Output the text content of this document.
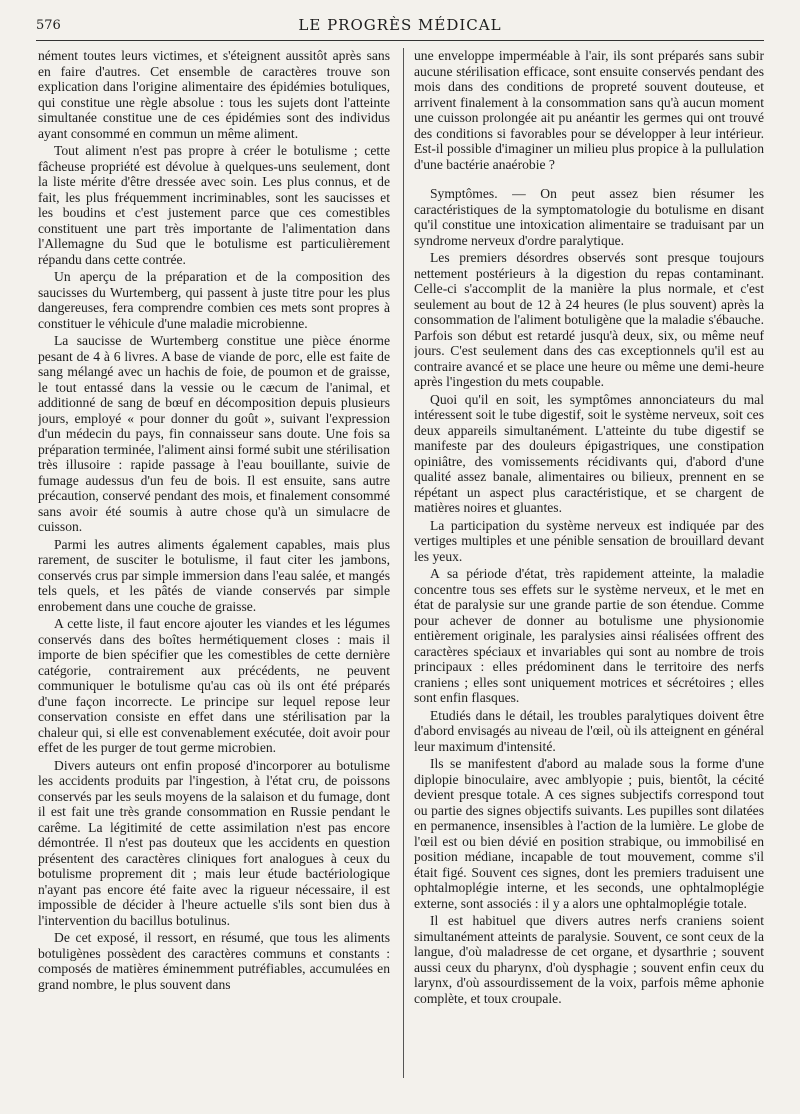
576	LE PROGRÈS MÉDICAL

nément toutes leurs victimes, et s'éteignent aussitôt après sans en faire d'autres. Cet ensemble de caractères trouve son explication dans l'origine alimentaire des épidémies botuliques, qui constitue une règle absolue : tous les sujets dont l'atteinte simultanée constitue une de ces épidémies sont des individus ayant consommé en commun un même aliment.

Tout aliment n'est pas propre à créer le botulisme ; cette fâcheuse propriété est dévolue à quelques-uns seulement, dont la liste mérite d'être dressée avec soin. Les plus connus, et de fait, les plus fréquemment incriminables, sont les saucisses et les boudins et c'est justement parce que ces comestibles constituent une part très importante de l'alimentation dans l'Allemagne du Sud que le botulisme est particulièrement répandu dans cette contrée.

Un aperçu de la préparation et de la composition des saucisses du Wurtemberg, qui passent à juste titre pour les plus dangereuses, fera comprendre combien ces mets sont propres à constituer le véhicule d'une maladie microbienne.

La saucisse de Wurtemberg constitue une pièce énorme pesant de 4 à 6 livres. A base de viande de porc, elle est faite de sang mélangé avec un hachis de foie, de poumon et de graisse, le tout entassé dans la vessie ou le cæcum de l'animal, et additionné de sang de bœuf en décomposition depuis plusieurs jours, employé « pour donner du goût », suivant l'expression d'un médecin du pays, fin connaisseur sans doute. Une fois sa préparation terminée, l'aliment ainsi formé subit une stérilisation très illusoire : rapide passage à l'eau bouillante, suivie de fumage audessus d'un feu de bois. Il est ensuite, sans autre précaution, conservé pendant des mois, et finalement consommé sans avoir été soumis à autre chose qu'à un simulacre de cuisson.

Parmi les autres aliments également capables, mais plus rarement, de susciter le botulisme, il faut citer les jambons, conservés crus par simple immersion dans l'eau salée, et mangés tels quels, et les pâtés de viande conservés par simple enrobement dans une couche de graisse.

A cette liste, il faut encore ajouter les viandes et les légumes conservés dans des boîtes hermétiquement closes : mais il importe de bien spécifier que les comestibles de cette dernière catégorie, contrairement aux précédents, ne peuvent communiquer le botulisme qu'au cas où ils ont été préparés d'une façon incorrecte. Le principe sur lequel repose leur conservation consiste en effet dans une stérilisation par la chaleur qui, si elle est convenablement exécutée, doit avoir pour effet de les purger de tout germe microbien.

Divers auteurs ont enfin proposé d'incorporer au botulisme les accidents produits par l'ingestion, à l'état cru, de poissons conservés par les seuls moyens de la salaison et du fumage, dont il est fait une très grande consommation en Russie pendant le carême. La légitimité de cette assimilation n'est pas encore démontrée. Il n'est pas douteux que les accidents en question présentent des caractères cliniques fort analogues à ceux du botulisme proprement dit ; mais leur étude bactériologique n'ayant pas encore été faite avec la rigueur nécessaire, il est impossible de décider à l'heure actuelle s'ils sont bien dus à l'intervention du bacillus botulinus.

De cet exposé, il ressort, en résumé, que tous les aliments botuligènes possèdent des caractères communs et constants : composés de matières éminemment putréfiables, accumulées en grand nombre, le plus souvent dans

une enveloppe imperméable à l'air, ils sont préparés sans subir aucune stérilisation efficace, sont ensuite conservés pendant des mois dans des conditions de propreté souvent douteuse, et arrivent finalement à la consommation sans qu'à aucun moment une cuisson prolongée ait pu anéantir les germes qui ont trouvé des conditions si favorables pour se développer à leur intérieur. Est-il possible d'imaginer un milieu plus propice à la pullulation d'une bactérie anaérobie ?

Symptômes. — On peut assez bien résumer les caractéristiques de la symptomatologie du botulisme en disant qu'il constitue une intoxication alimentaire se traduisant par un syndrome nerveux d'ordre paralytique.

Les premiers désordres observés sont presque toujours nettement postérieurs à la digestion du repas contaminant. Celle-ci s'accomplit de la manière la plus normale, et c'est seulement au bout de 12 à 24 heures (le plus souvent) après la consommation de l'aliment botuligène que la maladie s'ébauche. Parfois son début est retardé jusqu'à deux, six, ou même neuf jours. C'est seulement dans des cas exceptionnels qu'il est au contraire avancé et se place une heure ou même une demi-heure après l'ingestion du mets coupable.

Quoi qu'il en soit, les symptômes annonciateurs du mal intéressent soit le tube digestif, soit le système nerveux, soit ces deux appareils simultanément. L'atteinte du tube digestif se manifeste par des douleurs épigastriques, une constipation opiniâtre, des vomissements récidivants qui, d'abord d'une qualité assez banale, alimentaires ou bilieux, prennent en se répétant un aspect plus caractéristique, et se chargent de matières noires et gluantes.

La participation du système nerveux est indiquée par des vertiges multiples et une pénible sensation de brouillard devant les yeux.

A sa période d'état, très rapidement atteinte, la maladie concentre tous ses effets sur le système nerveux, et le met en état de paralysie sur une grande partie de son étendue. Comme pour achever de donner au botulisme une physionomie entièrement originale, les paralysies ainsi réalisées offrent des caractères spéciaux et invariables qui sont au nombre de trois principaux : elles prédominent dans le territoire des nerfs craniens ; elles sont uniquement motrices et sécrétoires ; elles sont enfin flasques.

Etudiés dans le détail, les troubles paralytiques doivent être d'abord envisagés au niveau de l'œil, où ils atteignent en général leur maximum d'intensité.

Ils se manifestent d'abord au malade sous la forme d'une diplopie binoculaire, avec amblyopie ; puis, bientôt, la cécité devient presque totale. A ces signes subjectifs correspond tout ou partie des signes objectifs suivants. Les pupilles sont dilatées en permanence, insensibles à l'action de la lumière. Le globe de l'œil est ou bien dévié en position strabique, ou immobilisé en position médiane, incapable de tout mouvement, comme s'il était figé. Souvent ces signes, dont les premiers traduisent une ophtalmoplégie interne, et les seconds, une ophtalmoplégie externe, sont associés : il y a alors une ophtalmoplégie totale.

Il est habituel que divers autres nerfs craniens soient simultanément atteints de paralysie. Souvent, ce sont ceux de la langue, d'où maladresse de cet organe, et dysarthrie ; souvent aussi ceux du pharynx, d'où dysphagie ; souvent enfin ceux du larynx, d'où assourdissement de la voix, parfois même aphonie complète, et toux croupale.
